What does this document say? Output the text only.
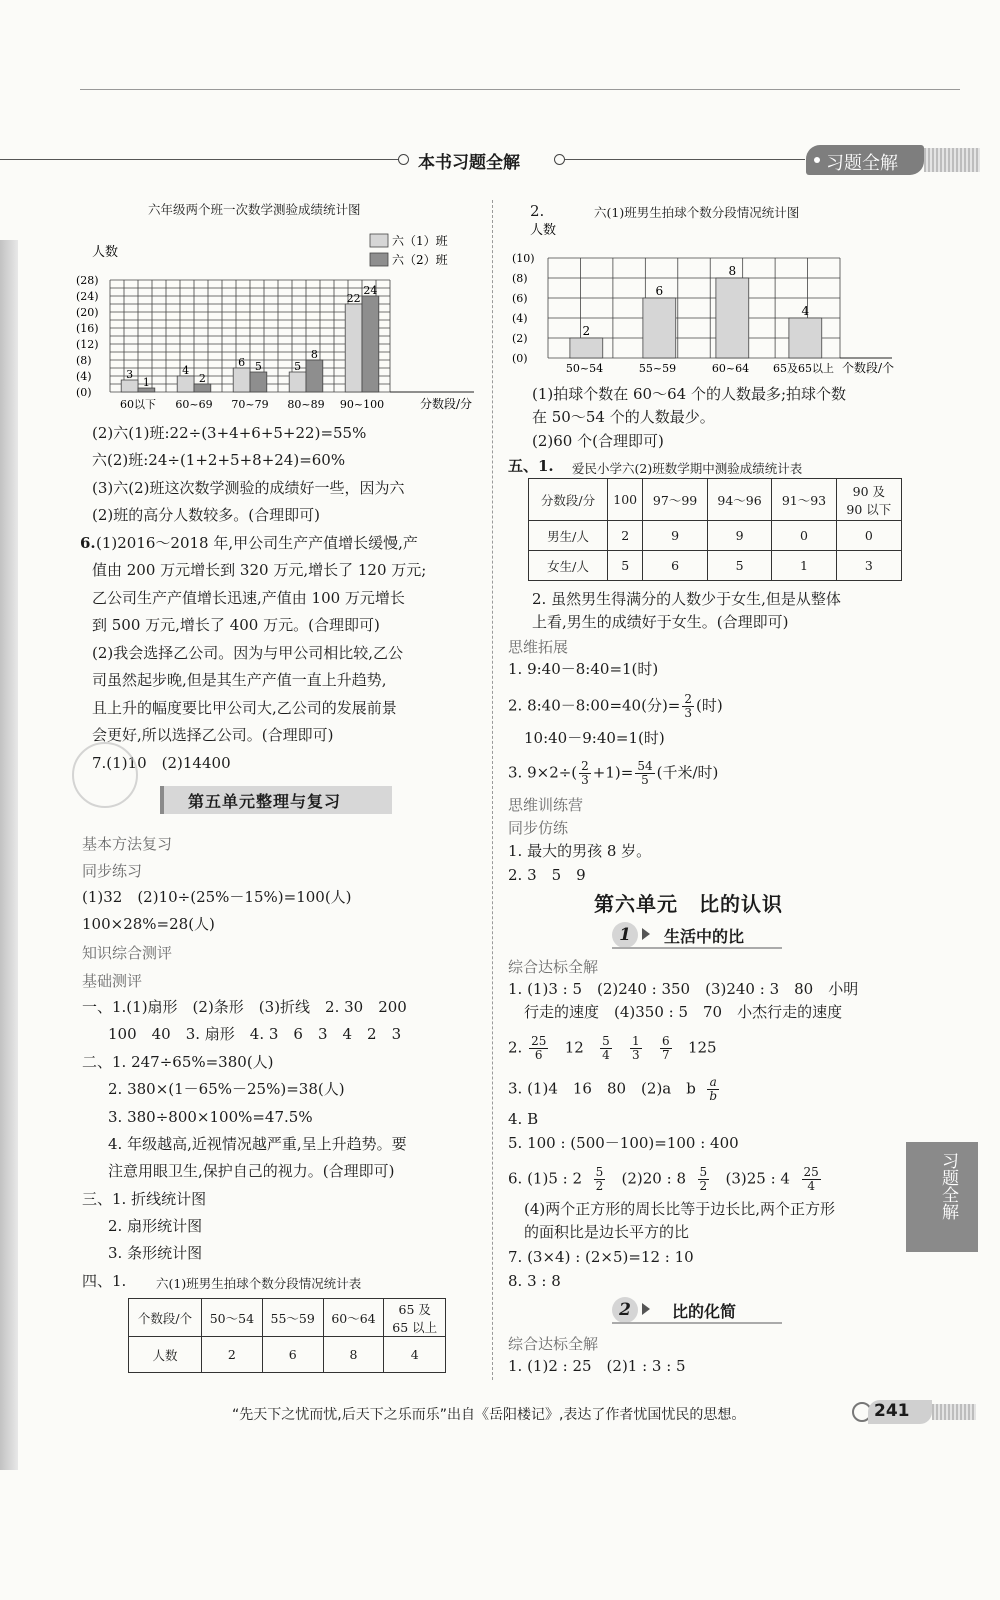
本书习题全解	习题全解
六年级两个班一次数学测验成绩统计图
人数
(28)
(24)
(20)
(16)
(12)
(8)
(4)
(0)
3
1
60以下
4
2
60~69
6 5
70~79
5
8
80~89
22
24
90~100
六（1）班
六（2）班
分数段/分
(2)六(1)班:22÷(3+4+6+5+22)=55%
六(2)班:24÷(1+2+5+8+24)=60%
(3)六(2)班这次数学测验的成绩好一些，因为六
(2)班的高分人数较多。(合理即可)
6. (1)2016～2018 年,甲公司生产产值增长缓慢,产
值由 200 万元增长到 320 万元,增长了 120 万元;
乙公司生产产值增长迅速,产值由 100 万元增长
到 500 万元,增长了 400 万元。(合理即可)
(2)我会选择乙公司。因为与甲公司相比较,乙公
司虽然起步晚,但是其生产产值一直上升趋势,
且上升的幅度要比甲公司大,乙公司的发展前景
会更好,所以选择乙公司。(合理即可)
7.(1)10　(2)14400
第五单元整理与复习
基本方法复习
同步练习
(1)32　(2)10÷(25%－15%)=100(人)
100×28%=28(人)
知识综合测评
基础测评
一、1.(1)扇形　(2)条形　(3)折线　2. 30　200
100　40　3. 扇形　4. 3　6　3　4　2　3
二、1. 247÷65%=380(人)
2. 380×(1－65%－25%)=38(人)
3. 380÷800×100%=47.5%
4. 年级越高,近视情况越严重,呈上升趋势。要
注意用眼卫生,保护自己的视力。(合理即可)
三、1. 折线统计图
2. 扇形统计图
3. 条形统计图
四、1. 六(1)班男生拍球个数分段情况统计表
个数段/个	50～54	55～59	60～64	65 及
65 以上
人数	2	6	8	4
2.	六(1)班男生拍球个数分段情况统计图
人数
(10)
(8)
(6)
(4)
(2)
(0)
2
50~54
6
55~59
8
60~64
4
65及65以上 个数段/个
(1)拍球个数在 60～64 个的人数最多;拍球个数
在 50～54 个的人数最少。
(2)60 个(合理即可)
五、1. 爱民小学六(2)班数学期中测验成绩统计表
分数段/分	100	97～99	94～96	91～93	90 及
90 以下
男生/人	2	9	9	0	0
女生/人	5	6	5	1	3
2. 虽然男生得满分的人数少于女生,但是从整体
上看,男生的成绩好于女生。(合理即可)
思维拓展
1. 9:40－8:40=1(时)
2. 8:40－8:00=40(分)= $\frac{2}{3}$ (时)
10:40－9:40=1(时)
3. $9\times 2\div( \frac{2}{3} +1)= \frac{54}{5}$ (千米/时)
思维训练营
同步仿练
1. 最大的男孩 8 岁。
2. 3　5　9
第六单元　比的认识
1	生活中的比
综合达标全解
1. (1)3 : 5　(2)240 : 350　(3)240 : 3　80　小明
行走的速度　(4)350 : 5　70　小杰行走的速度
2. $\frac{25}{6} 12 \frac{5}{4}$
$\frac{1}{3}$
$\frac{6}{7} 125$
3. (1)4　16　80　(2)a　b $\frac{a}{b}$
4. B
5. 100 : (500－100)=100 : 400
6. (1)5 : $2 \frac{5}{2} (2)20$ : $8 \frac{5}{2} (3)25$ : $4 \frac{25}{4}$
(4)两个正方形的周长比等于边长比,两个正方形
的面积比是边长平方的比
7. (3×4) : (2×5)=12 : 10
8. 3 : 8
2	比的化简
综合达标全解
1. (1)2 : 25　(2)1 : 3 : 5
习题全解
“先天下之忧而忧,后天下之乐而乐”出自《岳阳楼记》,表达了作者忧国忧民的思想。	241
